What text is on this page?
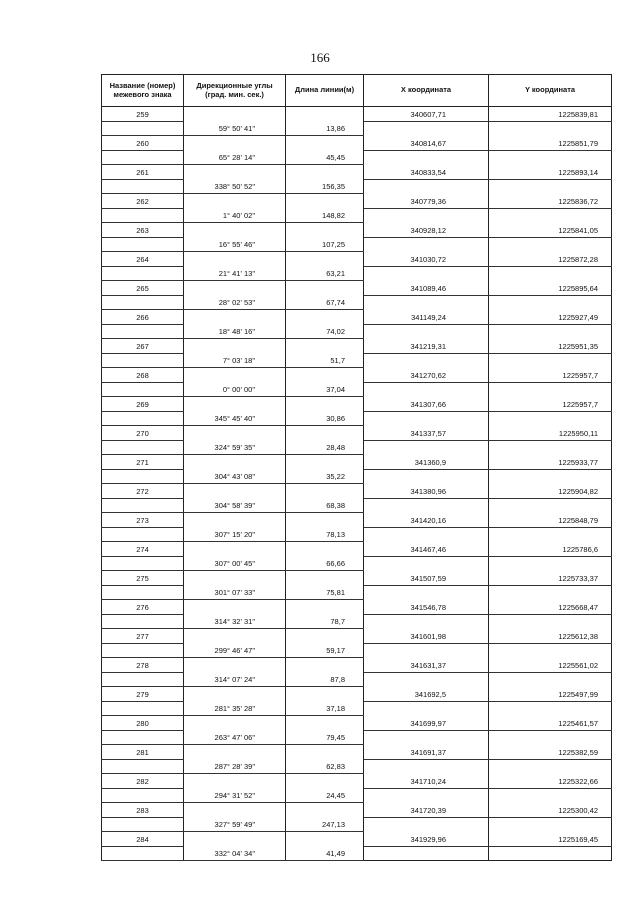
166
Название (номер) межевого знака	Дирекционные углы (град. мин. сек.)	Длина линии(м)	X координата	Y координата
259			340607,71	1225839,81
	59° 50' 41"	13,86		
260			340814,67	1225851,79
	65° 28' 14"	45,45		
261			340833,54	1225893,14
	338° 50' 52"	156,35		
262			340779,36	1225836,72
	1° 40' 02"	148,82		
263			340928,12	1225841,05
	16° 55' 46"	107,25		
264			341030,72	1225872,28
	21° 41' 13"	63,21		
265			341089,46	1225895,64
	28° 02' 53"	67,74		
266			341149,24	1225927,49
	18° 48' 16"	74,02		
267			341219,31	1225951,35
	7° 03' 18"	51,7		
268			341270,62	1225957,7
	0° 00' 00"	37,04		
269			341307,66	1225957,7
	345° 45' 40"	30,86		
270			341337,57	1225950,11
	324° 59' 35"	28,48		
271			341360,9	1225933,77
	304° 43' 08"	35,22		
272			341380,96	1225904,82
	304° 58' 39"	68,38		
273			341420,16	1225848,79
	307° 15' 20"	78,13		
274			341467,46	1225786,6
	307° 00' 45"	66,66		
275			341507,59	1225733,37
	301° 07' 33"	75,81		
276			341546,78	1225668,47
	314° 32' 31"	78,7		
277			341601,98	1225612,38
	299° 46' 47"	59,17		
278			341631,37	1225561,02
	314° 07' 24"	87,8		
279			341692,5	1225497,99
	281° 35' 28"	37,18		
280			341699,97	1225461,57
	263° 47' 06"	79,45		
281			341691,37	1225382,59
	287° 28' 39"	62,83		
282			341710,24	1225322,66
	294° 31' 52"	24,45		
283			341720,39	1225300,42
	327° 59' 49"	247,13		
284			341929,96	1225169,45
	332° 04' 34"	41,49		
